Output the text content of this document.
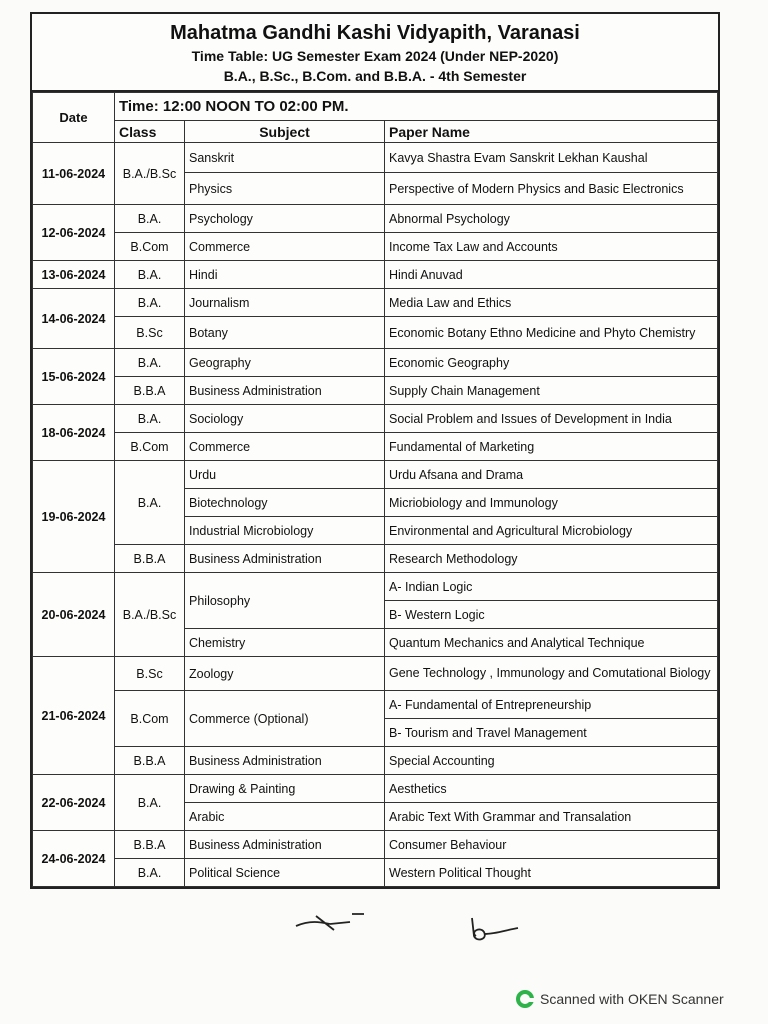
Mahatma Gandhi Kashi Vidyapith, Varanasi
Time Table: UG Semester Exam 2024 (Under NEP-2020)
B.A., B.Sc., B.Com. and B.B.A. - 4th Semester
Date	Time: 12:00 NOON TO 02:00 PM.		
	Class	Subject	Paper Name
11-06-2024	B.A./B.Sc	Sanskrit	Kavya Shastra Evam Sanskrit Lekhan Kaushal
		Physics	Perspective of Modern Physics and Basic Electronics
12-06-2024	B.A.	Psychology	Abnormal Psychology
	B.Com	Commerce	Income Tax Law and Accounts
13-06-2024	B.A.	Hindi	Hindi Anuvad
14-06-2024	B.A.	Journalism	Media Law and Ethics
	B.Sc	Botany	Economic Botany Ethno Medicine and Phyto Chemistry
15-06-2024	B.A.	Geography	Economic Geography
	B.B.A	Business Administration	Supply Chain Management
18-06-2024	B.A.	Sociology	Social Problem and Issues of Development in India
	B.Com	Commerce	Fundamental of Marketing
19-06-2024	B.A.	Urdu	Urdu Afsana and Drama
		Biotechnology	Micriobiology and Immunology
		Industrial Microbiology	Environmental and Agricultural Microbiology
	B.B.A	Business Administration	Research Methodology
20-06-2024	B.A./B.Sc	Philosophy	A- Indian Logic
			B- Western Logic
		Chemistry	Quantum Mechanics and Analytical Technique
21-06-2024	B.Sc	Zoology	Gene Technology , Immunology and Comutational Biology
	B.Com	Commerce (Optional)	A- Fundamental of Entrepreneurship
			B- Tourism and Travel Management
	B.B.A	Business Administration	Special Accounting
22-06-2024	B.A.	Drawing & Painting	Aesthetics
		Arabic	Arabic Text With Grammar and Transalation
24-06-2024	B.B.A	Business Administration	Consumer Behaviour
	B.A.	Political Science	Western Political Thought
Scanned with OKEN Scanner
